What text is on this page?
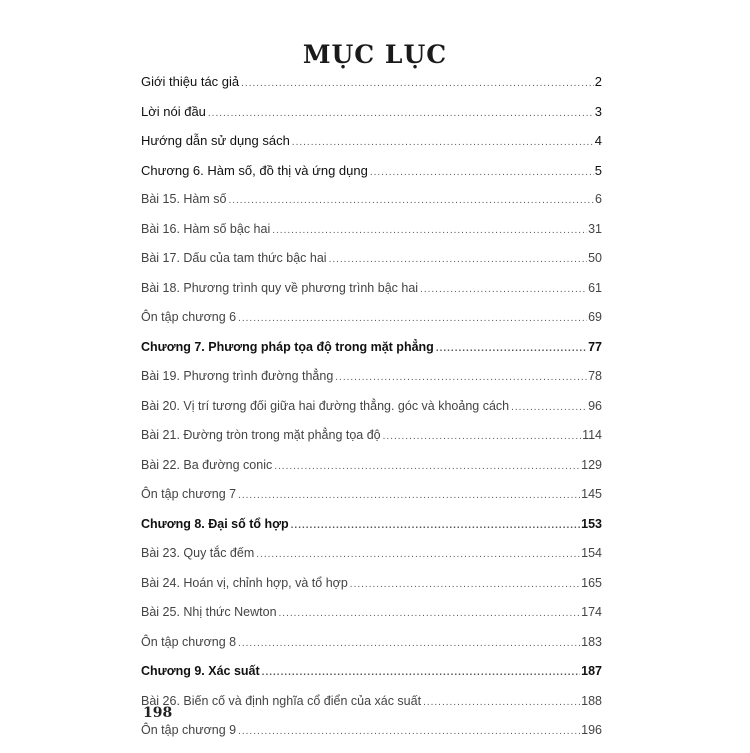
MỤC LỤC
Giới thiệu tác giả .....	2
Lời nói đầu .....	3
Hướng dẫn sử dụng sách .....	4
Chương 6. Hàm số, đồ thị và ứng dụng .....	5
Bài 15. Hàm số .....	6
Bài 16. Hàm số bậc hai .....	31
Bài 17. Dấu của tam thức bậc hai .....	50
Bài 18. Phương trình quy về phương trình bậc hai .....	61
Ôn tập chương 6 .....	69
Chương 7. Phương pháp tọa độ trong mặt phẳng .....	77
Bài 19. Phương trình đường thẳng .....	78
Bài 20. Vị trí tương đối giữa hai đường thẳng. góc và khoảng cách .....	96
Bài 21. Đường tròn trong mặt phẳng tọa độ .....	114
Bài 22. Ba đường conic .....	129
Ôn tập chương 7 .....	145
Chương 8. Đại số tổ hợp .....	153
Bài 23. Quy tắc đếm .....	154
Bài 24. Hoán vị, chỉnh hợp, và tổ hợp .....	165
Bài 25. Nhị thức Newton .....	174
Ôn tập chương 8 .....	183
Chương 9. Xác suất .....	187
Bài 26. Biến cố và định nghĩa cổ điển của xác suất .....	188
Ôn tập chương 9 .....	196
198
